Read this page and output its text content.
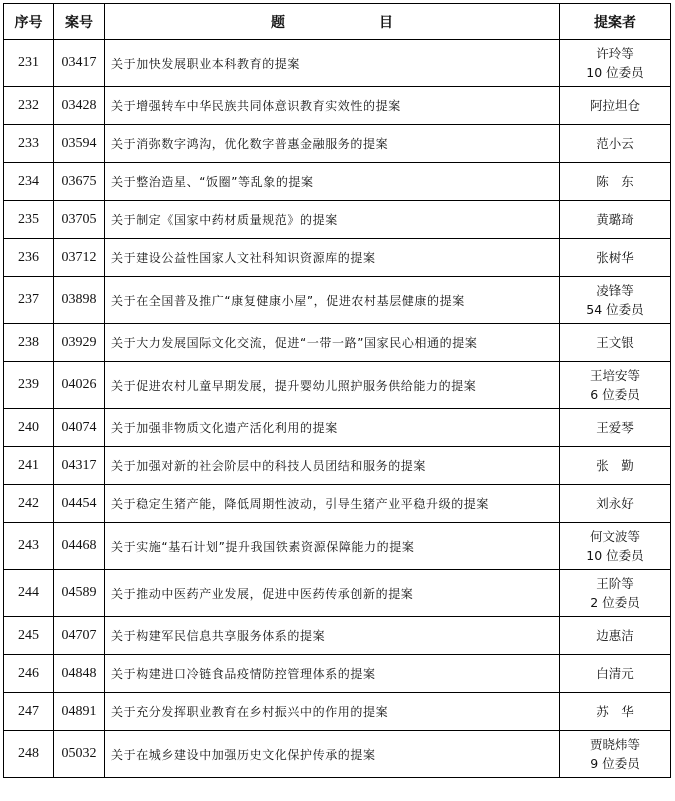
序号	案号	题　目	提案者
231	03417	关于加快发展职业本科教育的提案	许玲等
10 位委员

232	03428	关于增强转车中华民族共同体意识教育实效性的提案	阿拉坦仓

233	03594	关于消弥数字鸿沟，优化数字普惠金融服务的提案	范小云

234	03675	关于整治造星、“饭圈”等乱象的提案	陈　东

235	03705	关于制定《国家中药材质量规范》的提案	黄璐琦

236	03712	关于建设公益性国家人文社科知识资源库的提案	张树华

237	03898	关于在全国普及推广“康复健康小屋”，促进农村基层健康的提案	凌锋等
54 位委员

238	03929	关于大力发展国际文化交流，促进“一带一路”国家民心相通的提案	王文银

239	04026	关于促进农村儿童早期发展，提升婴幼儿照护服务供给能力的提案	王培安等
6 位委员

240	04074	关于加强非物质文化遗产活化利用的提案	王爱琴

241	04317	关于加强对新的社会阶层中的科技人员团结和服务的提案	张　勤

242	04454	关于稳定生猪产能，降低周期性波动，引导生猪产业平稳升级的提案	刘永好

243	04468	关于实施“基石计划”提升我国铁素资源保障能力的提案	何文波等
10 位委员

244	04589	关于推动中医药产业发展，促进中医药传承创新的提案	王阶等
2 位委员

245	04707	关于构建军民信息共享服务体系的提案	边惠洁

246	04848	关于构建进口冷链食品疫情防控管理体系的提案	白清元

247	04891	关于充分发挥职业教育在乡村振兴中的作用的提案	苏　华

248	05032	关于在城乡建设中加强历史文化保护传承的提案	贾晓炜等
9 位委员
